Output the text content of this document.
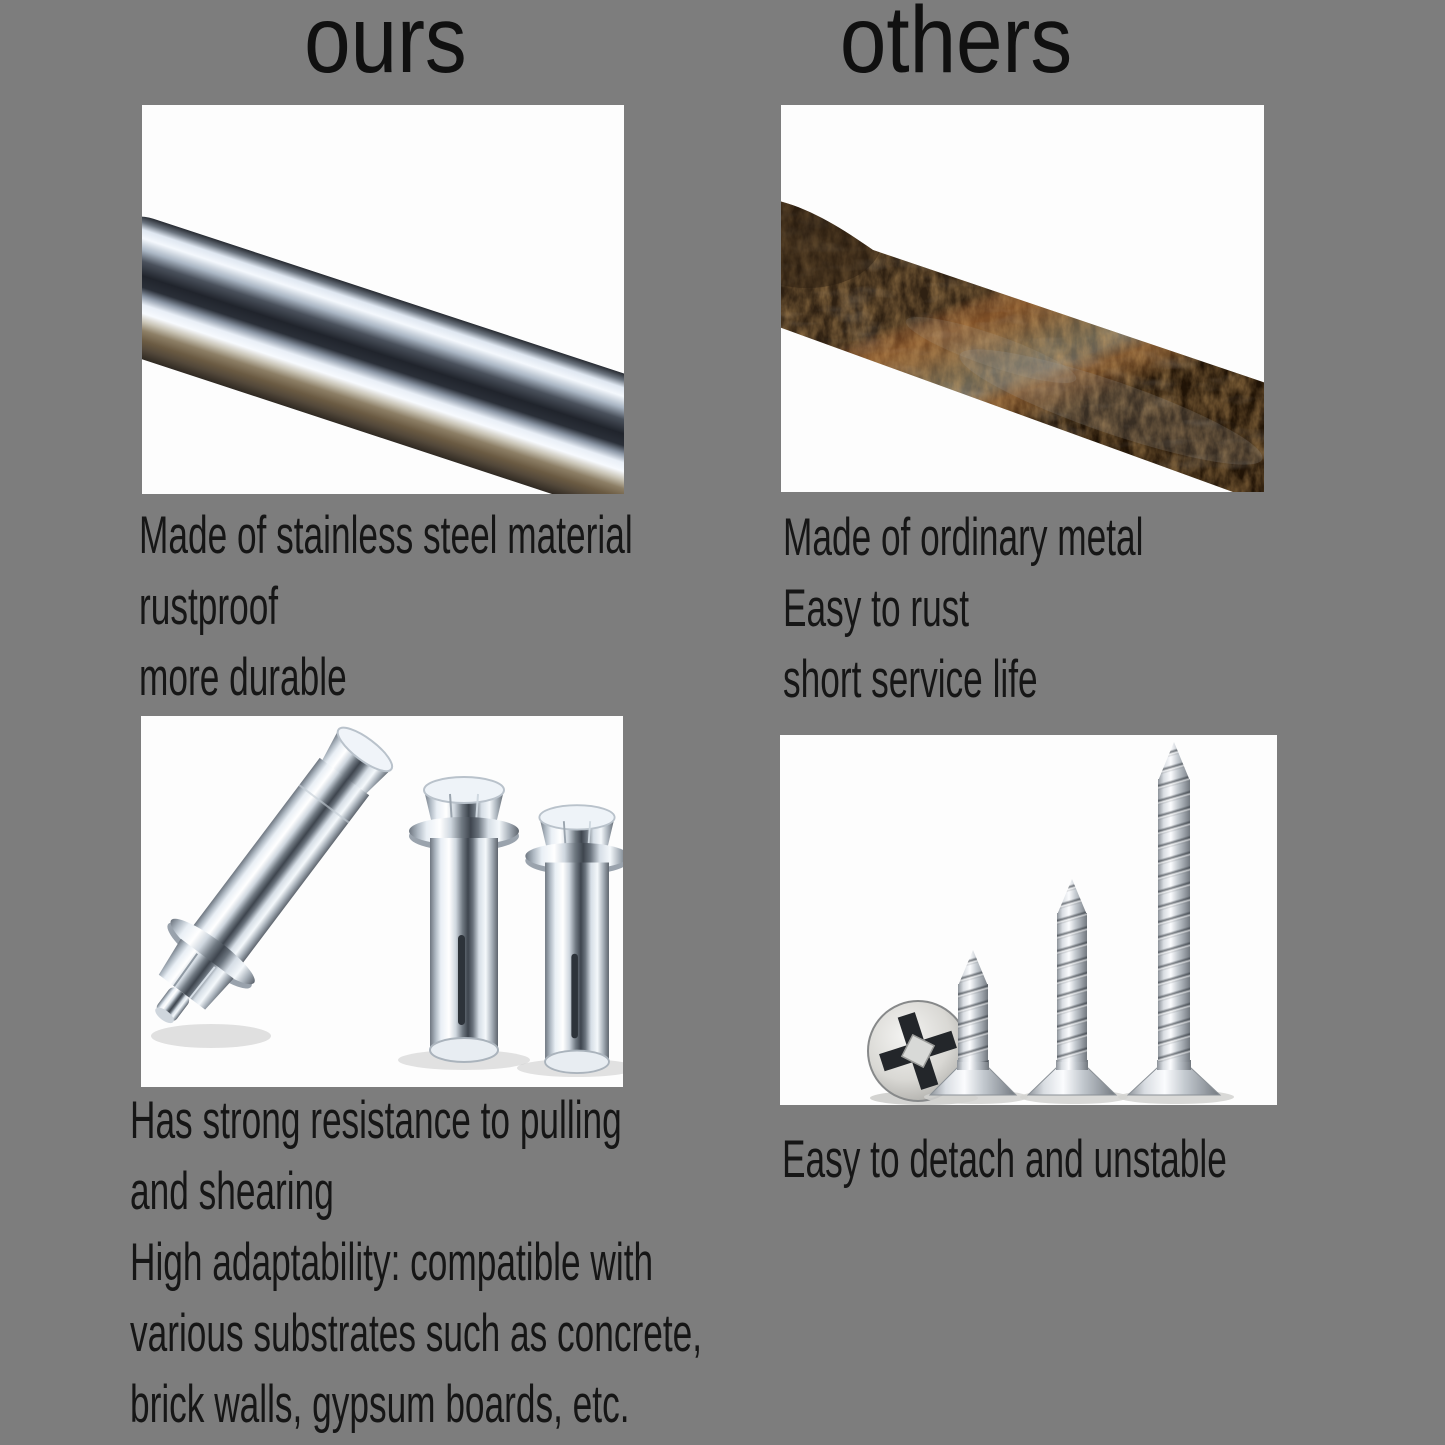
ours	others
Made of stainless steel material
rustproof
more durable
Made of ordinary metal
Easy to rust
short service life
Has strong resistance to pulling
and shearing
High adaptability: compatible with
various substrates such as concrete,
brick walls, gypsum boards, etc.
Easy to detach and unstable
